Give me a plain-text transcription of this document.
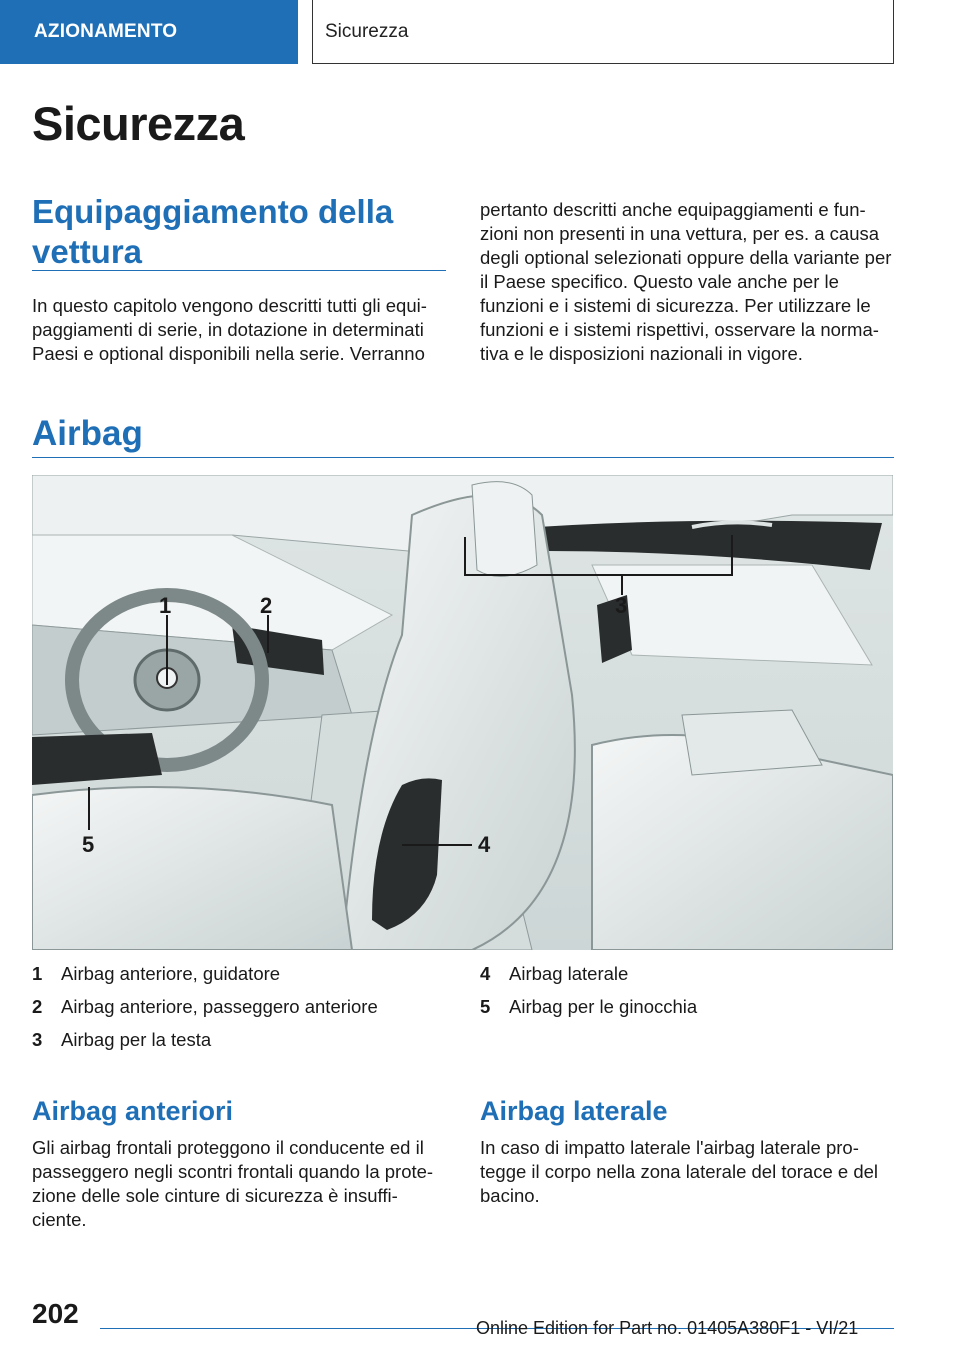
AZIONAMENTO	Sicurezza
Sicurezza
Equipaggiamento della vettura

In questo capitolo vengono descritti tutti gli equi-paggiamenti di serie, in dotazione in determinati Paesi e optional disponibili nella serie. Verranno

pertanto descritti anche equipaggiamenti e fun-zioni non presenti in una vettura, per es. a causa degli optional selezionati oppure della variante per il Paese specifico. Questo vale anche per le funzioni e i sistemi di sicurezza. Per utilizzare le funzioni e i sistemi rispettivi, osservare la norma-tiva e le disposizioni nazionali in vigore.

Airbag
1	2	3
4
5
1	Airbag anteriore, guidatore
2	Airbag anteriore, passeggero anteriore
3	Airbag per la testa
4	Airbag laterale
5	Airbag per le ginocchia
Airbag anteriori

Gli airbag frontali proteggono il conducente ed il passeggero negli scontri frontali quando la prote-zione delle sole cinture di sicurezza è insuffi-ciente.

Airbag laterale

In caso di impatto laterale l'airbag laterale pro-tegge il corpo nella zona laterale del torace e del bacino.

202	Online Edition for Part no. 01405A380F1 - VI/21
